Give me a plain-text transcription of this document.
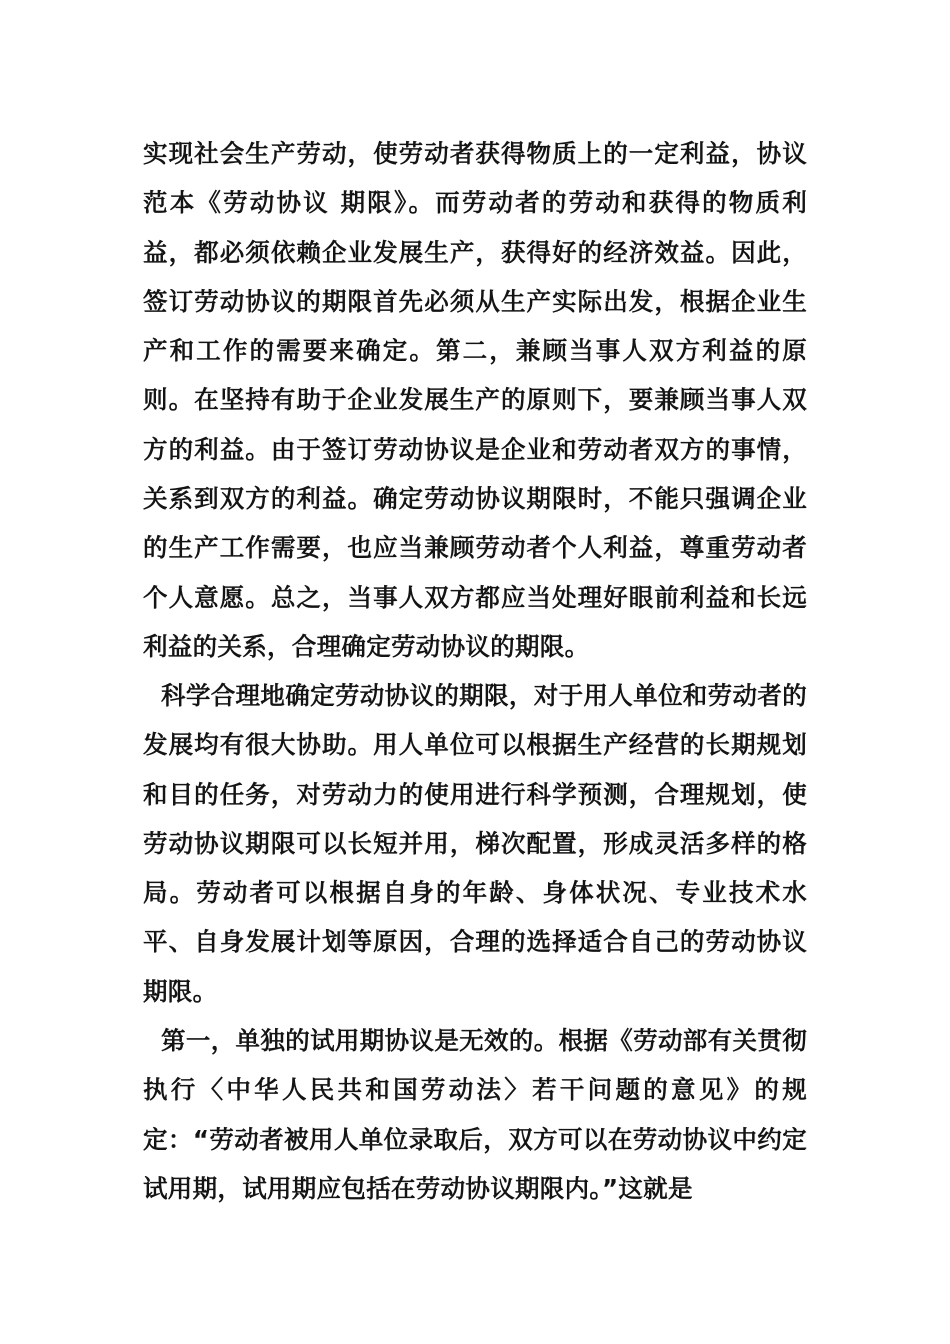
实现社会生产劳动，使劳动者获得物质上的一定利益，协议范本《劳动协议 期限》。而劳动者的劳动和获得的物质利益，都必须依赖企业发展生产，获得好的经济效益。因此，签订劳动协议的期限首先必须从生产实际出发，根据企业生产和工作的需要来确定。第二，兼顾当事人双方利益的原则。在坚持有助于企业发展生产的原则下，要兼顾当事人双方的利益。由于签订劳动协议是企业和劳动者双方的事情，关系到双方的利益。确定劳动协议期限时，不能只强调企业的生产工作需要，也应当兼顾劳动者个人利益，尊重劳动者个人意愿。总之，当事人双方都应当处理好眼前利益和长远利益的关系，合理确定劳动协议的期限。

科学合理地确定劳动协议的期限，对于用人单位和劳动者的发展均有很大协助。用人单位可以根据生产经营的长期规划和目的任务，对劳动力的使用进行科学预测，合理规划，使劳动协议期限可以长短并用，梯次配置，形成灵活多样的格局。劳动者可以根据自身的年龄、身体状况、专业技术水平、自身发展计划等原因，合理的选择适合自己的劳动协议期限。

第一，单独的试用期协议是无效的。根据《劳动部有关贯彻执行〈中华人民共和国劳动法〉若干问题的意见》的规定：“劳动者被用人单位录取后，双方可以在劳动协议中约定试用期，试用期应包括在劳动协议期限内。”这就是
